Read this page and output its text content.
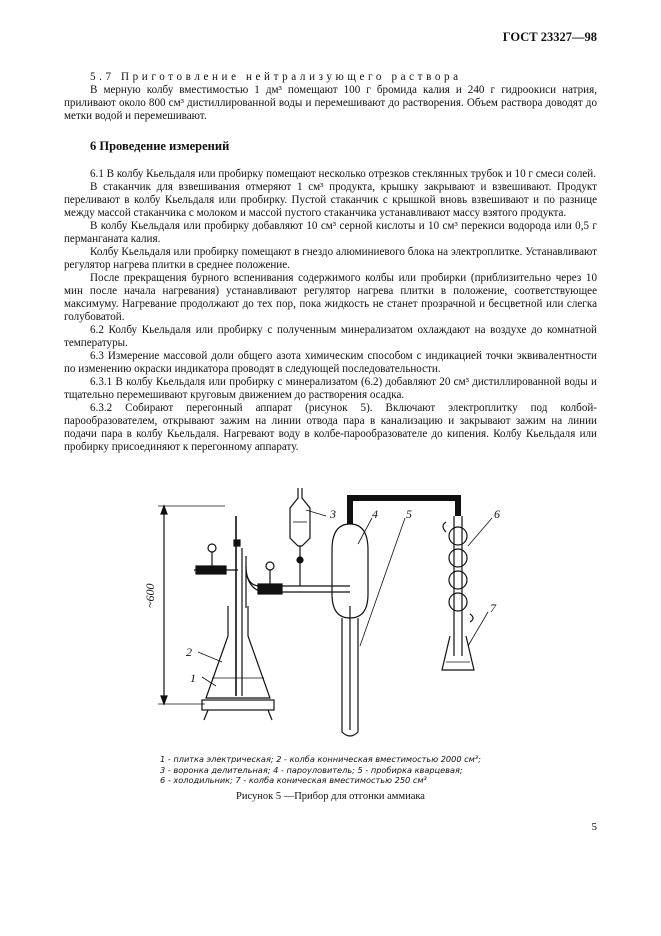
ГОСТ 23327—98

5.7 Приготовление нейтрализующего раствора

В мерную колбу вместимостью 1 дм³ помещают 100 г бромида калия и 240 г гидроокиси натрия, приливают около 800 см³ дистиллированной воды и перемешивают до растворения. Объем раствора доводят до метки водой и перемешивают.

6 Проведение измерений

6.1 В колбу Кьельдаля или пробирку помещают несколько отрезков стеклянных трубок и 10 г смеси солей.

В стаканчик для взвешивания отмеряют 1 см³ продукта, крышку закрывают и взвешивают. Продукт переливают в колбу Кьельдаля или пробирку. Пустой стаканчик с крышкой вновь взвешивают и по разнице между массой стаканчика с молоком и массой пустого стаканчика устанавливают массу взятого продукта.

В колбу Кьельдаля или пробирку добавляют 10 см³ серной кислоты и 10 см³ перекиси водорода или 0,5 г перманганата калия.

Колбу Кьельдаля или пробирку помещают в гнездо алюминиевого блока на электроплитке. Устанавливают регулятор нагрева плитки в среднее положение.

После прекращения бурного вспенивания содержимого колбы или пробирки (приблизительно через 10 мин после начала нагревания) устанавливают регулятор нагрева плитки в положение, соответствующее максимуму. Нагревание продолжают до тех пор, пока жидкость не станет прозрачной и бесцветной или слегка голубоватой.

6.2 Колбу Кьельдаля или пробирку с полученным минерализатом охлаждают на воздухе до комнатной температуры.

6.3 Измерение массовой доли общего азота химическим способом с индикацией точки эквивалентности по изменению окраски индикатора проводят в следующей последовательности.

6.3.1 В колбу Кьельдаля или пробирку с минерализатом (6.2) добавляют 20 см³ дистиллированной воды и тщательно перемешивают круговым движением до растворения осадка.

6.3.2 Собирают перегонный аппарат (рисунок 5). Включают электроплитку под колбой-парообразователем, открывают зажим на линии отвода пара в канализацию и закрывают зажим на линии подачи пара в колбу Кьельдаля. Нагревают воду в колбе-парообразователе до кипения. Колбу Кьельдаля или пробирку присоединяют к перегонному аппарату.

~600
1
2
3	4 5	6
7
1 - плитка электрическая; 2 - колба конническая вместимостью 2000 см³;
3 - воронка делительная; 4 - пароуловитель; 5 - пробирка кварцевая;
6 - холодильник; 7 - колба коническая вместимостью 250 см³
Рисунок 5 —Прибор для отгонки аммиака
5
